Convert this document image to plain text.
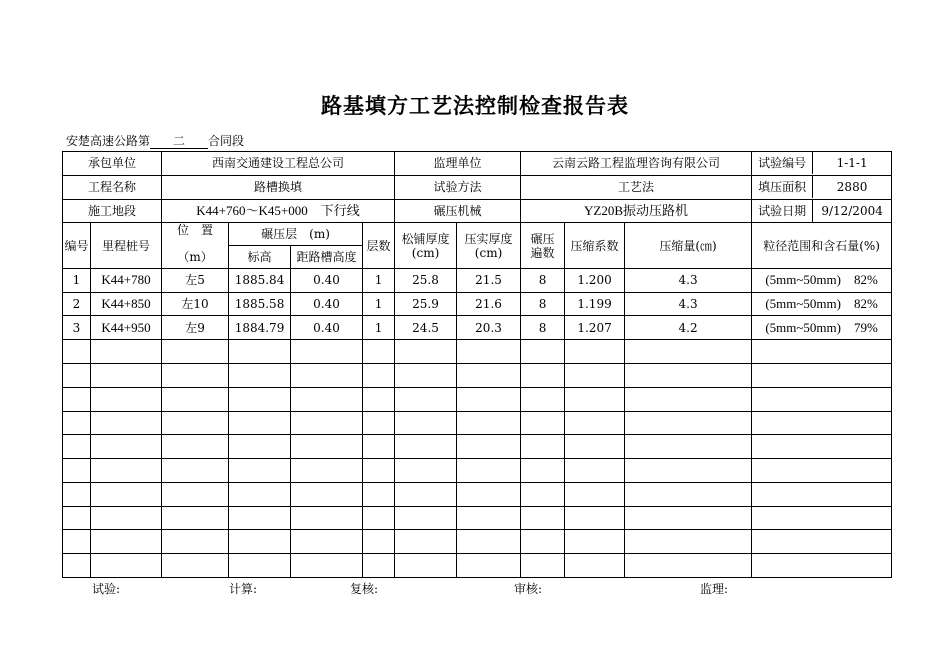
路基填方工艺法控制检查报告表
安楚高速公路第 二 合同段
承包单位		西南交通建设工程总公司				监理单位		云南云路工程监理咨询有限公司			试验编号 1-1-1

工程名称		路槽换填				试验方法		工艺法			填压面积 2880

施工地段		K44+760～K45+000　下行线				碾压机械		YZ20B振动压路机			试验日期 9/12/2004

编号	里程桩号	位　置	碾压层　(m)		层数	松铺厚度(cm)	压实厚度(cm)	碾压遍数	压缩系数	压缩量(㎝)	粒径范围和含石量(%)
		（m）	标高	距路槽高度							
1	K44+780	左5	1885.84	0.40	1	25.8	21.5	8	1.200	4.3	(5mm~50mm)　82%
2	K44+850	左10	1885.58	0.40	1	25.9	21.6	8	1.199	4.3	(5mm~50mm)　82%
3	K44+950	左9	1884.79	0.40	1	24.5	20.3	8	1.207	4.2	(5mm~50mm)　79%

试验:	计算:	复核:	审核:	监理:
